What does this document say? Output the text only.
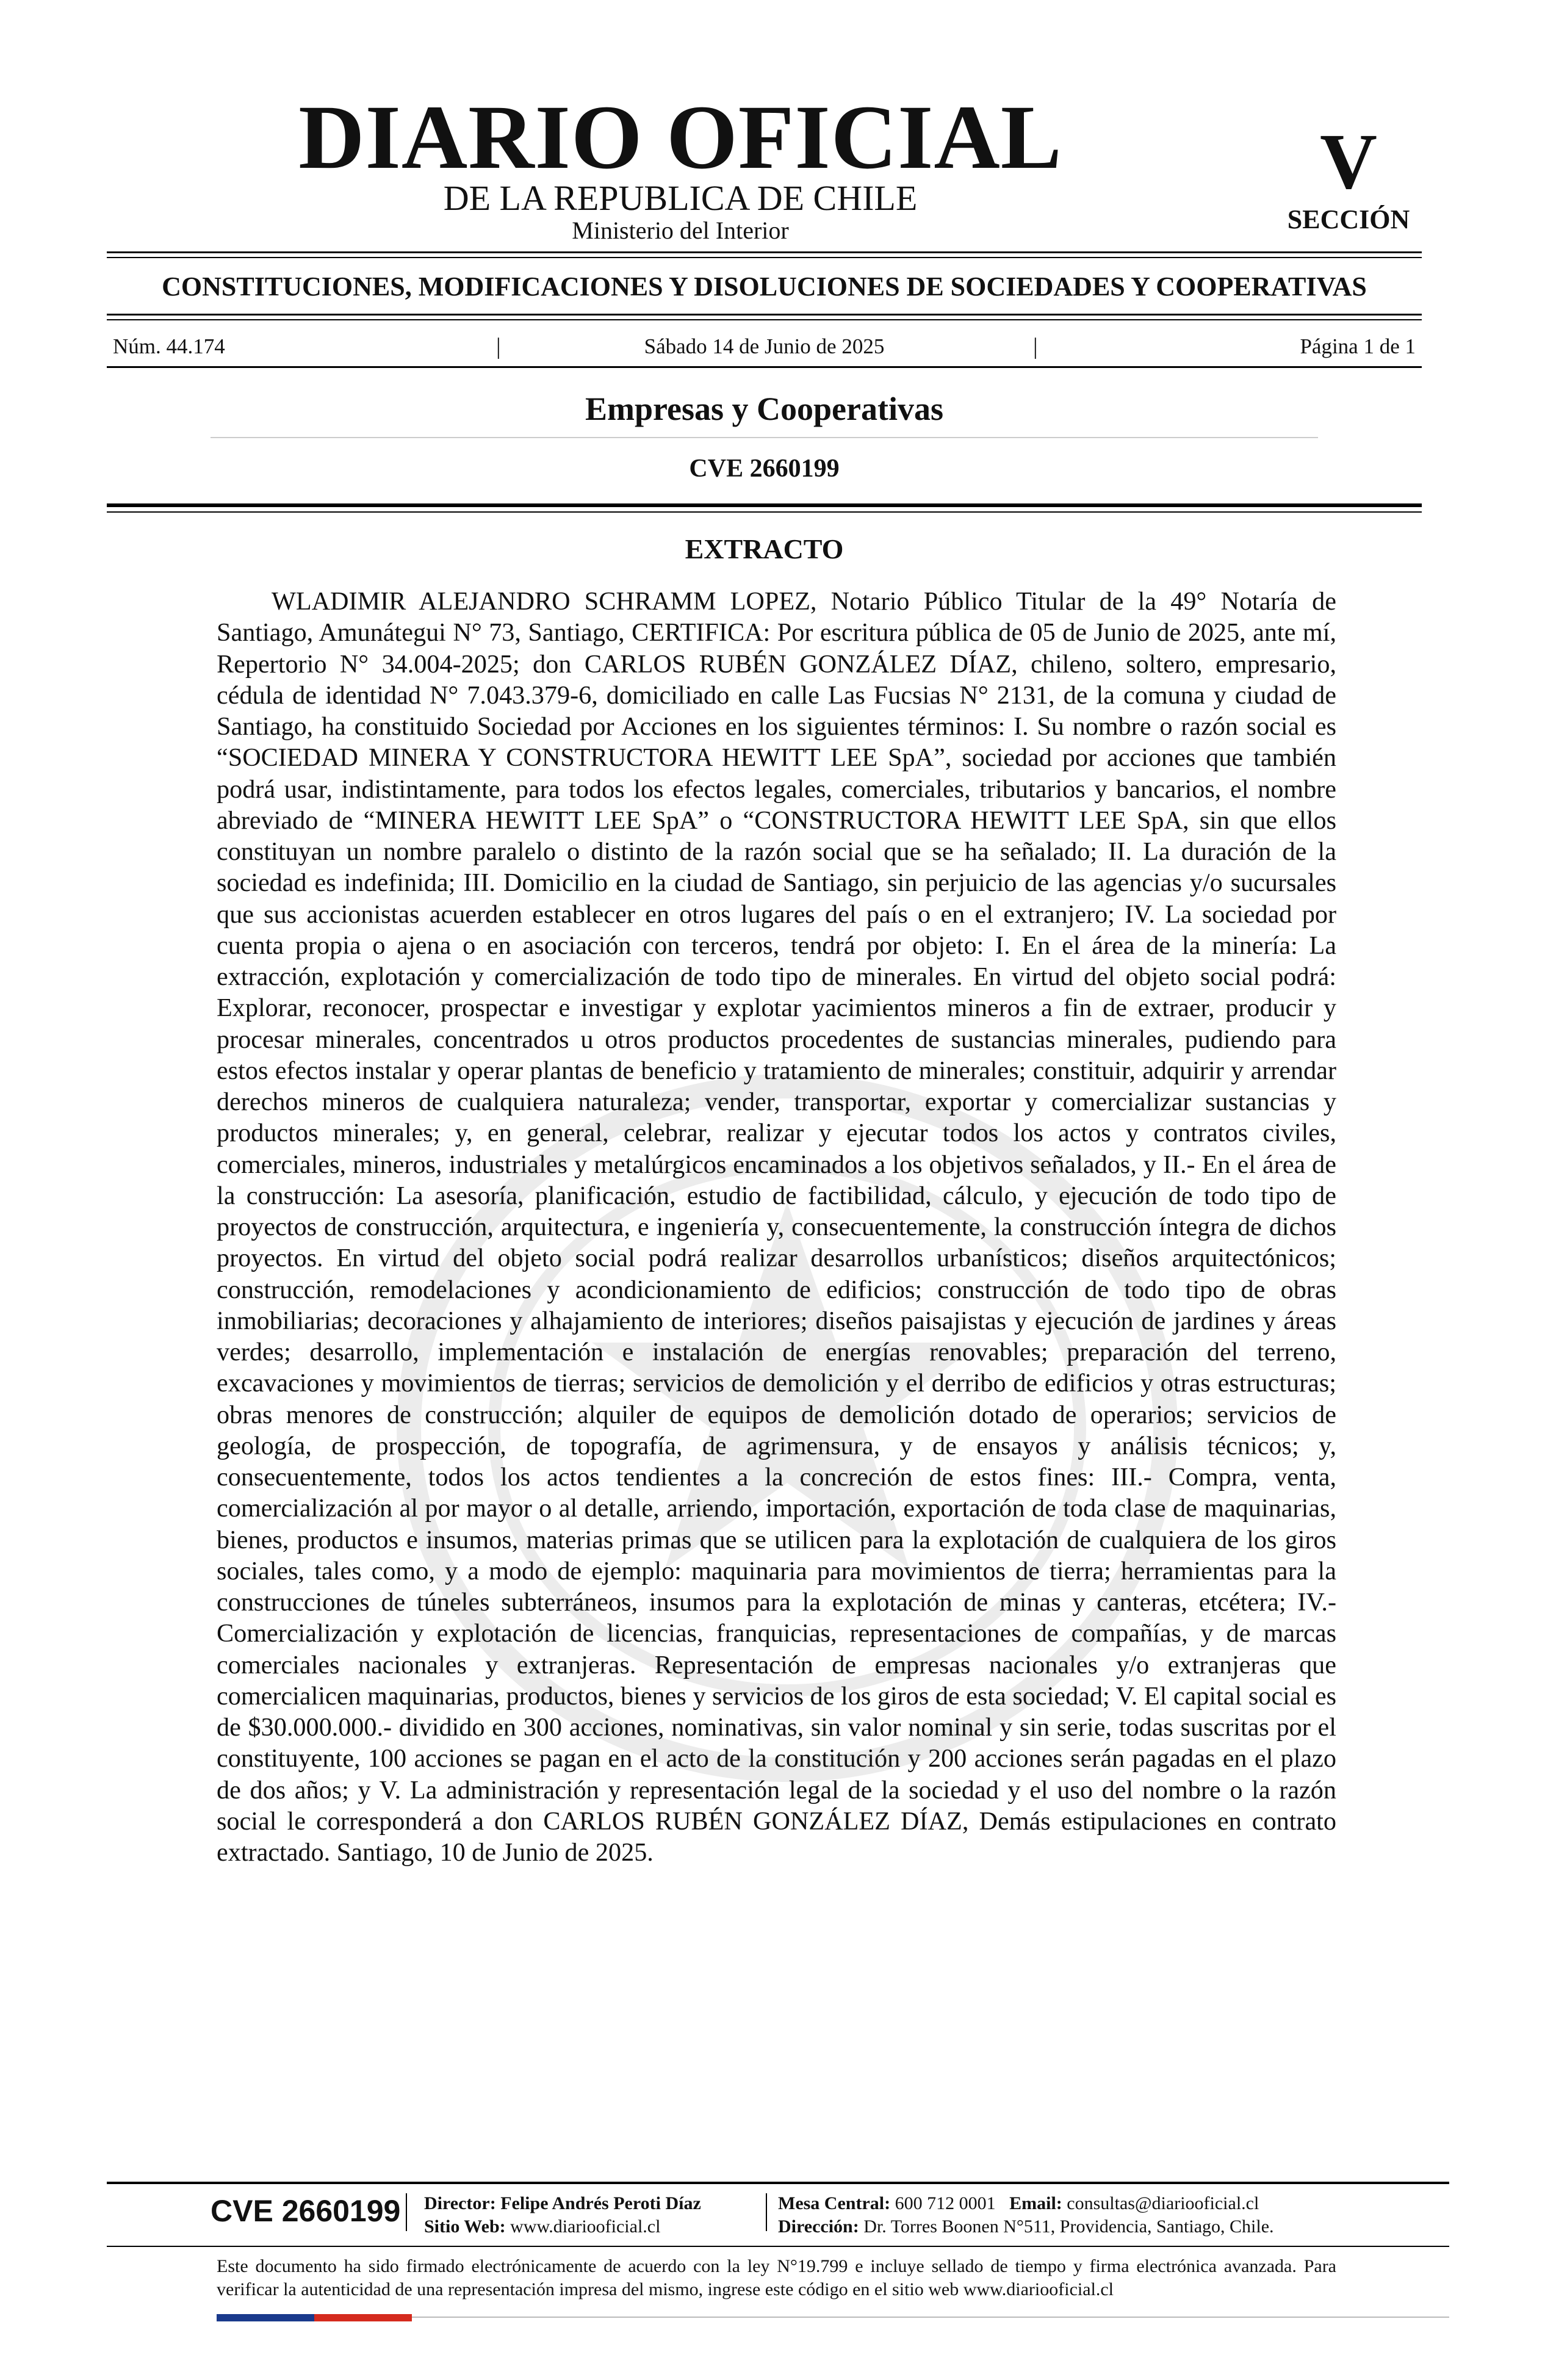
DIARIO OFICIAL
DE LA REPUBLICA DE CHILE
Ministerio del Interior
V
SECCIÓN
CONSTITUCIONES, MODIFICACIONES Y DISOLUCIONES DE SOCIEDADES Y COOPERATIVAS
Núm. 44.174	|	Sábado 14 de Junio de 2025	|	Página 1 de 1
Empresas y Cooperativas
CVE 2660199
EXTRACTO

WLADIMIR ALEJANDRO SCHRAMM LOPEZ, Notario Público Titular de la 49° Notaría de Santiago, Amunátegui N° 73, Santiago, CERTIFICA: Por escritura pública de 05 de Junio de 2025, ante mí, Repertorio N° 34.004-2025; don CARLOS RUBÉN GONZÁLEZ DÍAZ, chileno, soltero, empresario, cédula de identidad N° 7.043.379-6, domiciliado en calle Las Fucsias N° 2131, de la comuna y ciudad de Santiago, ha constituido Sociedad por Acciones en los siguientes términos: I. Su nombre o razón social es “SOCIEDAD MINERA Y CONSTRUCTORA HEWITT LEE SpA”, sociedad por acciones que también podrá usar, indistintamente, para todos los efectos legales, comerciales, tributarios y bancarios, el nombre abreviado de “MINERA HEWITT LEE SpA” o “CONSTRUCTORA HEWITT LEE SpA, sin que ellos constituyan un nombre paralelo o distinto de la razón social que se ha señalado; II. La duración de la sociedad es indefinida; III. Domicilio en la ciudad de Santiago, sin perjuicio de las agencias y/o sucursales que sus accionistas acuerden establecer en otros lugares del país o en el extranjero; IV. La sociedad por cuenta propia o ajena o en asociación con terceros, tendrá por objeto: I. En el área de la minería: La extracción, explotación y comercialización de todo tipo de minerales. En virtud del objeto social podrá: Explorar, reconocer, prospectar e investigar y explotar yacimientos mineros a fin de extraer, producir y procesar minerales, concentrados u otros productos procedentes de sustancias minerales, pudiendo para estos efectos instalar y operar plantas de beneficio y tratamiento de minerales; constituir, adquirir y arrendar derechos mineros de cualquiera naturaleza; vender, transportar, exportar y comercializar sustancias y productos minerales; y, en general, celebrar, realizar y ejecutar todos los actos y contratos civiles, comerciales, mineros, industriales y metalúrgicos encaminados a los objetivos señalados, y II.- En el área de la construcción: La asesoría, planificación, estudio de factibilidad, cálculo, y ejecución de todo tipo de proyectos de construcción, arquitectura, e ingeniería y, consecuentemente, la construcción íntegra de dichos proyectos. En virtud del objeto social podrá realizar desarrollos urbanísticos; diseños arquitectónicos; construcción, remodelaciones y acondicionamiento de edificios; construcción de todo tipo de obras inmobiliarias; decoraciones y alhajamiento de interiores; diseños paisajistas y ejecución de jardines y áreas verdes; desarrollo, implementación e instalación de energías renovables; preparación del terreno, excavaciones y movimientos de tierras; servicios de demolición y el derribo de edificios y otras estructuras; obras menores de construcción; alquiler de equipos de demolición dotado de operarios; servicios de geología, de prospección, de topografía, de agrimensura, y de ensayos y análisis técnicos; y, consecuentemente, todos los actos tendientes a la concreción de estos fines: III.- Compra, venta, comercialización al por mayor o al detalle, arriendo, importación, exportación de toda clase de maquinarias, bienes, productos e insumos, materias primas que se utilicen para la explotación de cualquiera de los giros sociales, tales como, y a modo de ejemplo: maquinaria para movimientos de tierra; herramientas para la construcciones de túneles subterráneos, insumos para la explotación de minas y canteras, etcétera; IV.- Comercialización y explotación de licencias, franquicias, representaciones de compañías, y de marcas comerciales nacionales y extranjeras. Representación de empresas nacionales y/o extranjeras que comercialicen maquinarias, productos, bienes y servicios de los giros de esta sociedad; V. El capital social es de $30.000.000.- dividido en 300 acciones, nominativas, sin valor nominal y sin serie, todas suscritas por el constituyente, 100 acciones se pagan en el acto de la constitución y 200 acciones serán pagadas en el plazo de dos años; y V. La administración y representación legal de la sociedad y el uso del nombre o la razón social le corresponderá a don CARLOS RUBÉN GONZÁLEZ DÍAZ, Demás estipulaciones en contrato extractado. Santiago, 10 de Junio de 2025.

CVE 2660199 Director: Felipe Andrés Peroti Díaz
Sitio Web: www.diariooficial.cl
Mesa Central: 600 712 0001 Email: consultas@diariooficial.cl
Dirección: Dr. Torres Boonen N°511, Providencia, Santiago, Chile.

Este documento ha sido firmado electrónicamente de acuerdo con la ley N°19.799 e incluye sellado de tiempo y firma electrónica avanzada. Para verificar la autenticidad de una representación impresa del mismo, ingrese este código en el sitio web www.diariooficial.cl
